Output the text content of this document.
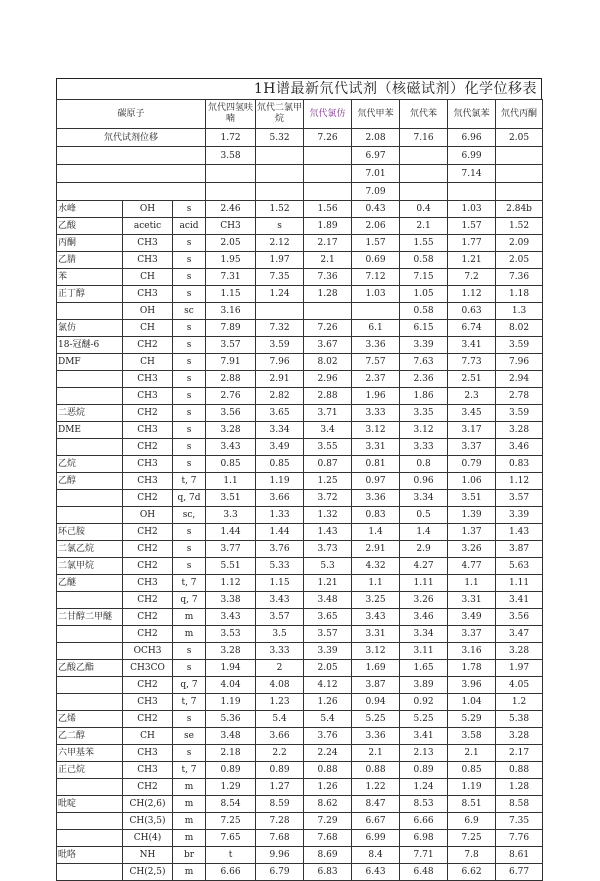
1H谱最新氘代试剂（核磁试剂）化学位移表
碳原子			氘代四氢呋喃	氘代二氯甲烷	氘代氯仿	氘代甲苯	氘代苯	氘代氯苯	氘代丙酮
氘代试剂位移			1.72	5.32	7.26	2.08	7.16	6.96	2.05
			3.58			6.97		6.99	
						7.01		7.14	
						7.09			
水峰	OH	s	2.46	1.52	1.56	0.43	0.4	1.03	2.84b
乙酸	acetic	acid	CH3	s	1.89	2.06	2.1	1.57	1.52
丙酮	CH3	s	2.05	2.12	2.17	1.57	1.55	1.77	2.09
乙腈	CH3	s	1.95	1.97	2.1	0.69	0.58	1.21	2.05
苯	CH	s	7.31	7.35	7.36	7.12	7.15	7.2	7.36
正丁醇	CH3	s	1.15	1.24	1.28	1.03	1.05	1.12	1.18
	OH	sc	3.16				0.58	0.63	1.3
氯仿	CH	s	7.89	7.32	7.26	6.1	6.15	6.74	8.02
18-冠醚-6	CH2	s	3.57	3.59	3.67	3.36	3.39	3.41	3.59
DMF	CH	s	7.91	7.96	8.02	7.57	7.63	7.73	7.96
	CH3	s	2.88	2.91	2.96	2.37	2.36	2.51	2.94
	CH3	s	2.76	2.82	2.88	1.96	1.86	2.3	2.78
二恶烷	CH2	s	3.56	3.65	3.71	3.33	3.35	3.45	3.59
DME	CH3	s	3.28	3.34	3.4	3.12	3.12	3.17	3.28
	CH2	s	3.43	3.49	3.55	3.31	3.33	3.37	3.46
乙烷	CH3	s	0.85	0.85	0.87	0.81	0.8	0.79	0.83
乙醇	CH3	t, 7	1.1	1.19	1.25	0.97	0.96	1.06	1.12
	CH2	q, 7d	3.51	3.66	3.72	3.36	3.34	3.51	3.57
	OH	sc,	3.3	1.33	1.32	0.83	0.5	1.39	3.39
环己胺	CH2	s	1.44	1.44	1.43	1.4	1.4	1.37	1.43
二氯乙烷	CH2	s	3.77	3.76	3.73	2.91	2.9	3.26	3.87
二氯甲烷	CH2	s	5.51	5.33	5.3	4.32	4.27	4.77	5.63
乙醚	CH3	t, 7	1.12	1.15	1.21	1.1	1.11	1.1	1.11
	CH2	q, 7	3.38	3.43	3.48	3.25	3.26	3.31	3.41
二甘醇二甲醚	CH2	m	3.43	3.57	3.65	3.43	3.46	3.49	3.56
	CH2	m	3.53	3.5	3.57	3.31	3.34	3.37	3.47
	OCH3	s	3.28	3.33	3.39	3.12	3.11	3.16	3.28
乙酸乙酯	CH3CO	s	1.94	2	2.05	1.69	1.65	1.78	1.97
	CH2	q, 7	4.04	4.08	4.12	3.87	3.89	3.96	4.05
	CH3	t, 7	1.19	1.23	1.26	0.94	0.92	1.04	1.2
乙烯	CH2	s	5.36	5.4	5.4	5.25	5.25	5.29	5.38
乙二醇	CH	se	3.48	3.66	3.76	3.36	3.41	3.58	3.28
六甲基苯	CH3	s	2.18	2.2	2.24	2.1	2.13	2.1	2.17
正己烷	CH3	t, 7	0.89	0.89	0.88	0.88	0.89	0.85	0.88
	CH2	m	1.29	1.27	1.26	1.22	1.24	1.19	1.28
吡啶	CH(2,6)	m	8.54	8.59	8.62	8.47	8.53	8.51	8.58
	CH(3,5)	m	7.25	7.28	7.29	6.67	6.66	6.9	7.35
	CH(4)	m	7.65	7.68	7.68	6.99	6.98	7.25	7.76
吡咯	NH	br	t	9.96	8.69	8.4	7.71	7.8	8.61
	CH(2,5)	m	6.66	6.79	6.83	6.43	6.48	6.62	6.77
